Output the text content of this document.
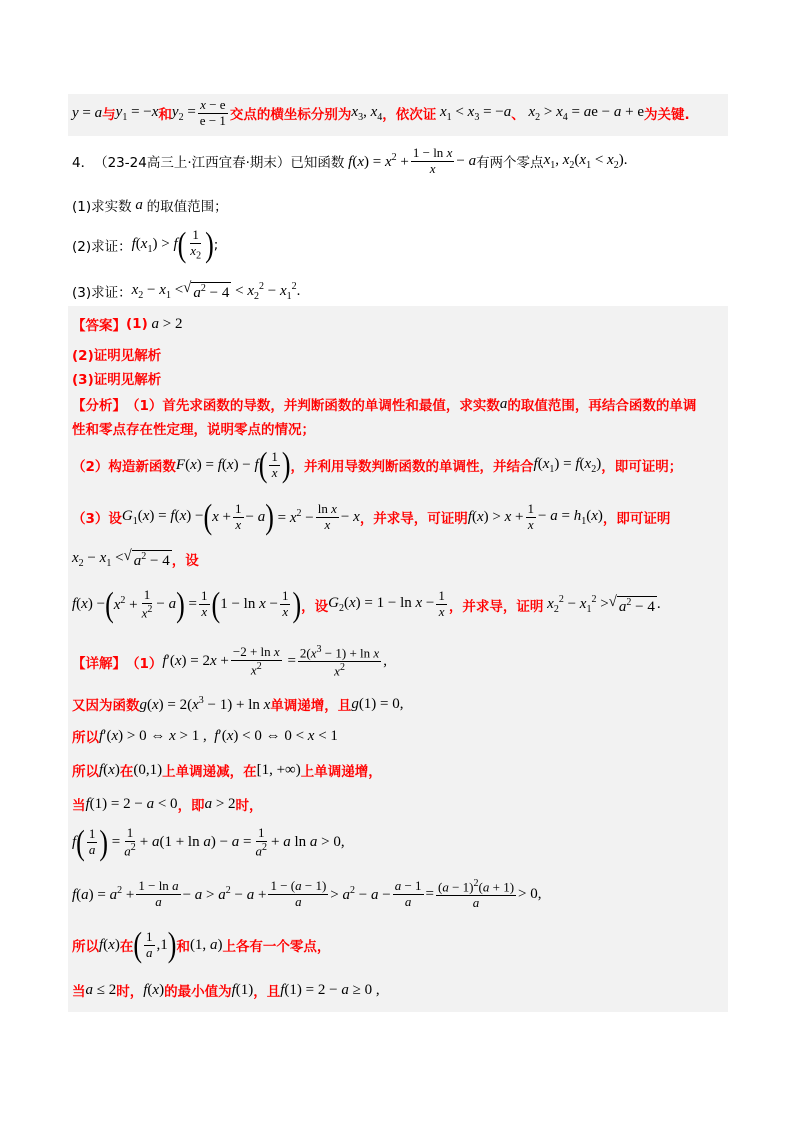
y = a 与 $y_1 = -x$ 和 $y_2 = \frac{x - e}{e - 1}$ 交点的横坐标分别为 $x_3$, $x_4$ ，依次证 $x_1 < x_3 = -a$ 、 $x_2 > x_4$ = ae − a + e 为关键.
4． （23-24高三上·江西宜春·期末） 已知函数 $f(x) = x^2 + \frac{\text{1 − ln x}}{x} - a$ 有两个零点 $x_1$, $x_2(x_1 < x_2)$.
(1)求实数 a 的取值范围；
(2)求证： $f(x_1) > f$ ( $\frac{1}{x_2}$ ) ;
(3)求证： $x_2 - x_1$ < √ $a^2 - 4 < x_2^2 - x_1^2$.
【答案】 (1) a > 2
(2)证明见解析
(3)证明见解析
【分析】 （1）首先求函数的导数，并判断函数的单调性和最值，求实数 a 的取值范围，再结合函数的单调
性和零点存在性定理，说明零点的情况；
（2）构造新函数 F(x) = f(x) − f ( $\frac{1}{x}$ ) ，并利用导数判断函数的单调性，并结合 $f(x_1) = f(x_2)$ ，即可证明；
（3）设 $G_1(x) = f(x)$ − ( $x + \frac{1}{x} - a$ ) = $x^2 - \frac{\text{ln x}}{x} - x$ ，并求导，可证明 $f(x) > x + \frac{1}{x} - a = h_1(x)$ ，即可证明
$x_2 - x_1$ < √ $a^2 - 4$ ，设
f(x) − ( $x^2 + \frac{1}{x^2} - a$ ) = $\frac{1}{x}$ ( $1 - \ln x - \frac{1}{x}$ ) ，设 $G_2(x) = 1 - \ln x - \frac{1}{x}$ ，并求导，证明 $x_2^2 - x_1^2$ > √ $a^2 - 4$ .
【详解】 （1） $f'(x) = 2x + \frac{\text{−2 + ln x}}{x^2} = \frac{2(x^3 - 1) + \ln x}{x^2}$ ,
又因为函数 $g(x) = 2(x^3 - 1) + \ln x$ 单调递增，且 g(1) = 0,
所以 f′(x) > 0 ⇔ x > 1 ,  f′(x) < 0 ⇔ 0 < x < 1
所以 f(x) 在 (0,1) 上单调递减，在 [1, +∞) 上单调递增，
当 f(1) = 2 − a < 0 ，即 a > 2 时，
f ( $\frac{1}{a}$ ) = $\frac{1}{a^2} + a(1 + \ln a) - a = \frac{1}{a^2} + a$ ln a > 0,
$f(a) = a^2 + \frac{\text{1 − ln a}}{a} - a > a^2 - a + \frac{1 - (a - 1)}{a} > a^2 - a - \frac{a - 1}{a} = \frac{(a - 1)^2(a + 1)}{a} > 0$,
所以 f(x) 在 ( $\frac{1}{a} ,1$ ) 和 (1, a) 上各有一个零点，
当 a ≤ 2 时， f(x) 的最小值为 f(1) ，且 f(1) = 2 − a ≥ 0 ,
